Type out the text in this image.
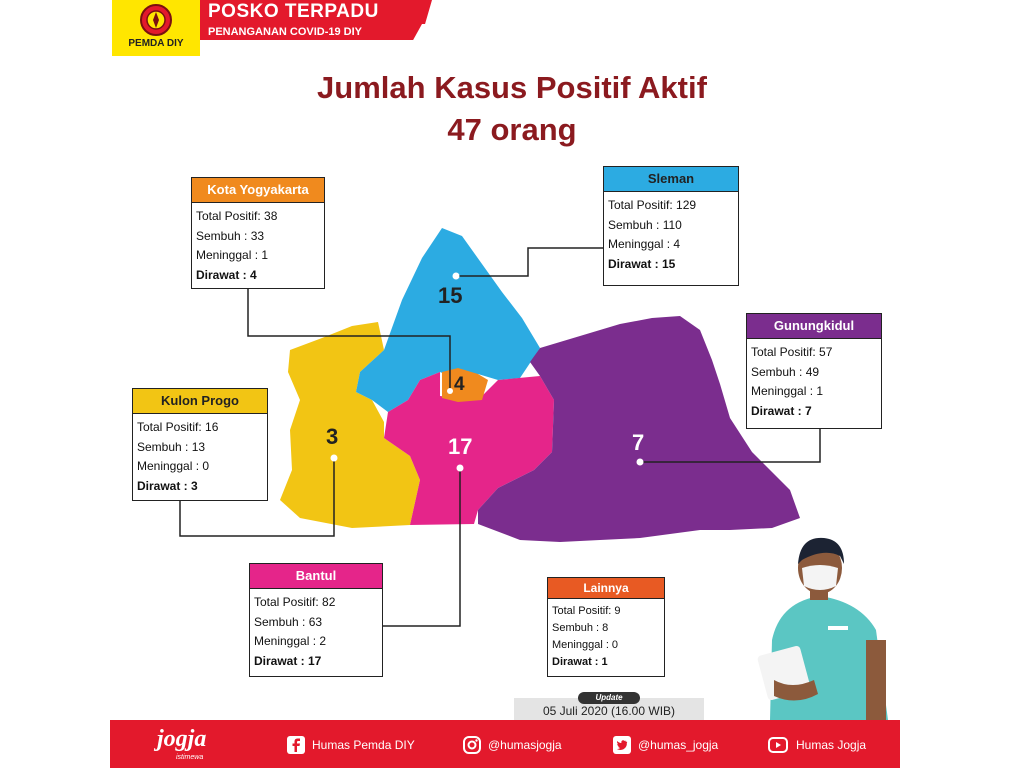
PEMDA DIY
POSKO TERPADU
PENANGANAN COVID-19 DIY
Jumlah Kasus Positif Aktif
47 orang
15
4
3	17	7
Kota Yogyakarta
Total Positif: 38
Sembuh : 33
Meninggal : 1
Dirawat : 4
Sleman
Total Positif: 129
Sembuh : 110
Meninggal : 4
Dirawat : 15
Gunungkidul
Total Positif: 57
Sembuh : 49
Meninggal : 1
Dirawat : 7
Kulon Progo
Total Positif: 16
Sembuh : 13
Meninggal : 0
Dirawat : 3
Bantul
Total Positif: 82
Sembuh : 63
Meninggal : 2
Dirawat : 17
Lainnya
Total Positif: 9
Sembuh : 8
Meninggal : 0
Dirawat : 1
Update
05 Juli 2020 (16.00 WIB)
jogja
istimewa
Humas Pemda DIY	@humasjogja	@humas_jogja	Humas Jogja
